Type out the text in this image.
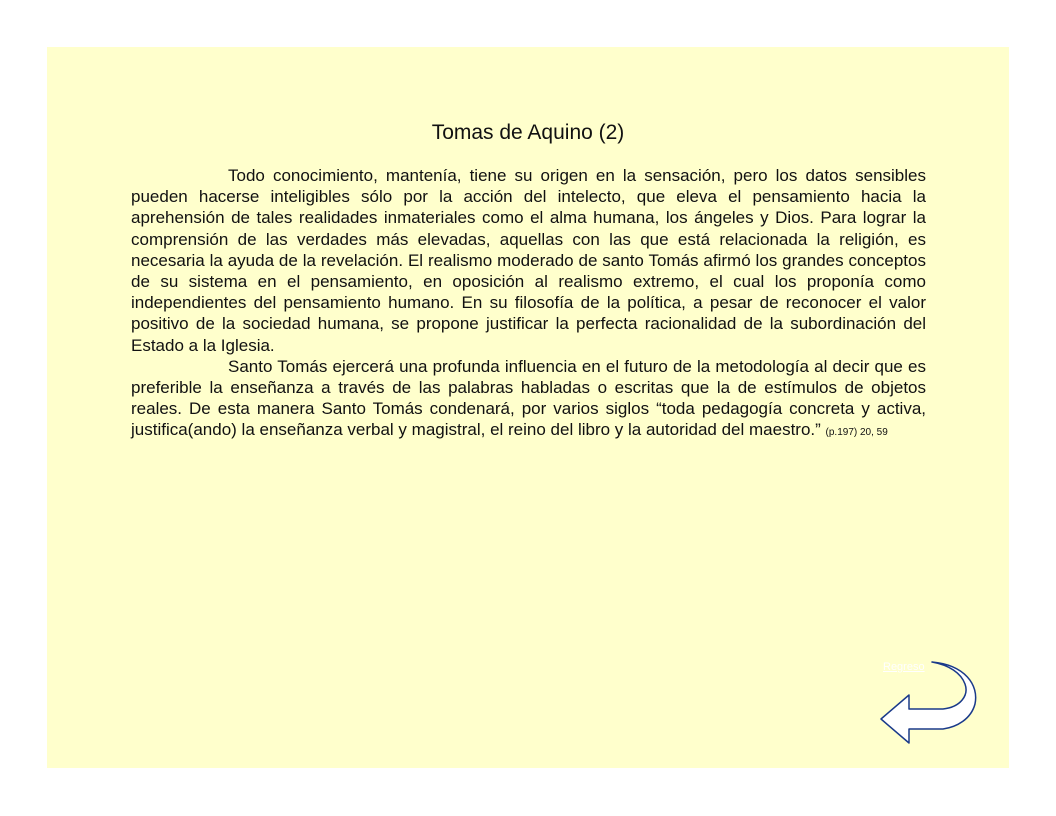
Tomas de Aquino (2)

Todo conocimiento, mantenía, tiene su origen en la sensación, pero los datos sensibles pueden hacerse inteligibles sólo por la acción del intelecto, que eleva el pensamiento hacia la aprehensión de tales realidades inmateriales como el alma humana, los ángeles y Dios. Para lograr la comprensión de las verdades más elevadas, aquellas con las que está relacionada la religión, es necesaria la ayuda de la revelación. El realismo moderado de santo Tomás afirmó los grandes conceptos de su sistema en el pensamiento, en oposición al realismo extremo, el cual los proponía como independientes del pensamiento humano. En su filosofía de la política, a pesar de reconocer el valor positivo de la sociedad humana, se propone justificar la perfecta racionalidad de la subordinación del Estado a la Iglesia.

Santo Tomás ejercerá una profunda influencia en el futuro de la metodología al decir que es preferible la enseñanza a través de las palabras habladas o escritas que la de estímulos de objetos reales. De esta manera Santo Tomás condenará, por varios siglos “toda pedagogía concreta y activa, justifica(ando) la enseñanza verbal y magistral, el reino del libro y la autoridad del maestro.” (p.197) 20, 59

Regreso
